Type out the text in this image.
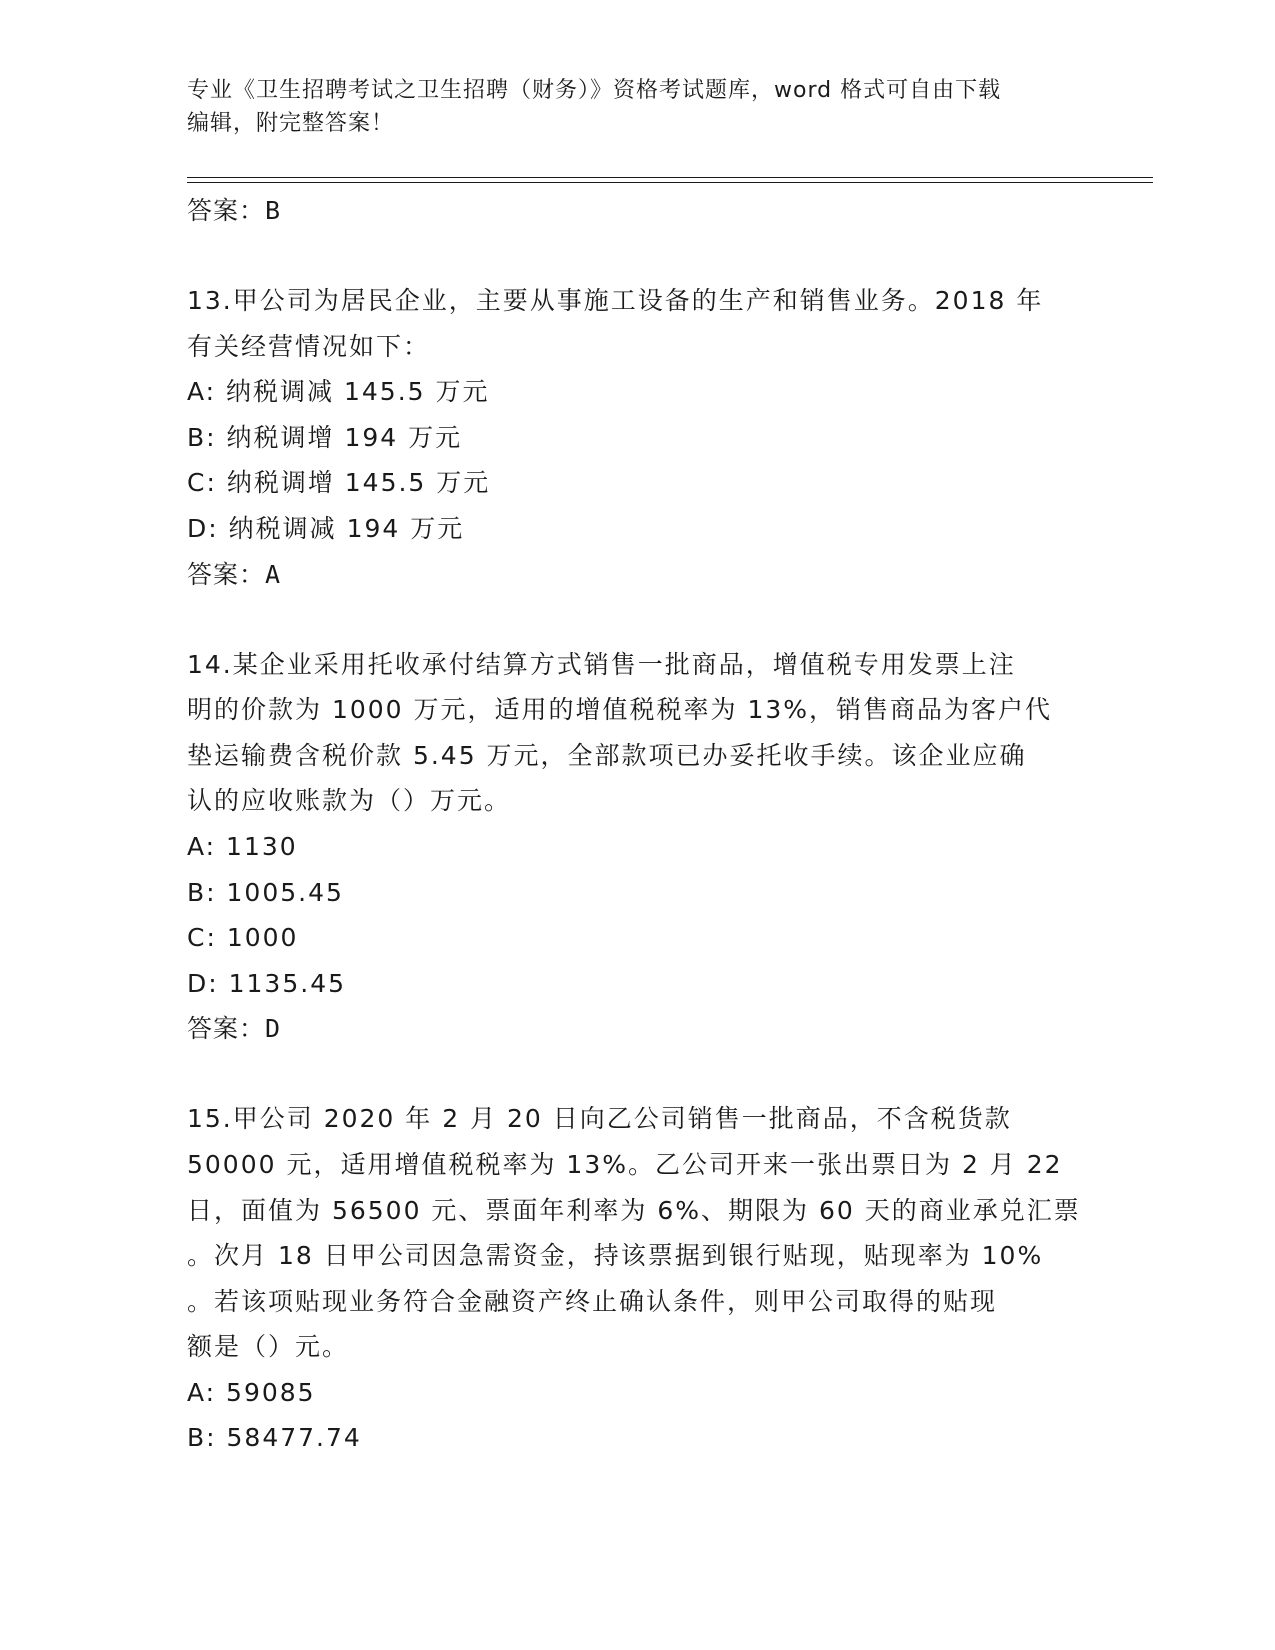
专业《卫生招聘考试之卫生招聘（财务）》资格考试题库，word 格式可自由下载
编辑，附完整答案！
答案：B
13.甲公司为居民企业，主要从事施工设备的生产和销售业务。2018 年
有关经营情况如下：
A: 纳税调减 145.5 万元
B: 纳税调增 194 万元
C: 纳税调增 145.5 万元
D: 纳税调减 194 万元
答案：A
14.某企业采用托收承付结算方式销售一批商品，增值税专用发票上注
明的价款为 1000 万元，适用的增值税税率为 13%，销售商品为客户代
垫运输费含税价款 5.45 万元，全部款项已办妥托收手续。该企业应确
认的应收账款为（）万元。
A: 1130
B: 1005.45
C: 1000
D: 1135.45
答案：D
15.甲公司 2020 年 2 月 20 日向乙公司销售一批商品，不含税货款
50000 元，适用增值税税率为 13%。乙公司开来一张出票日为 2 月 22
日，面值为 56500 元、票面年利率为 6%、期限为 60 天的商业承兑汇票
。次月 18 日甲公司因急需资金，持该票据到银行贴现，贴现率为 10%
。若该项贴现业务符合金融资产终止确认条件，则甲公司取得的贴现
额是（）元。
A: 59085
B: 58477.74
